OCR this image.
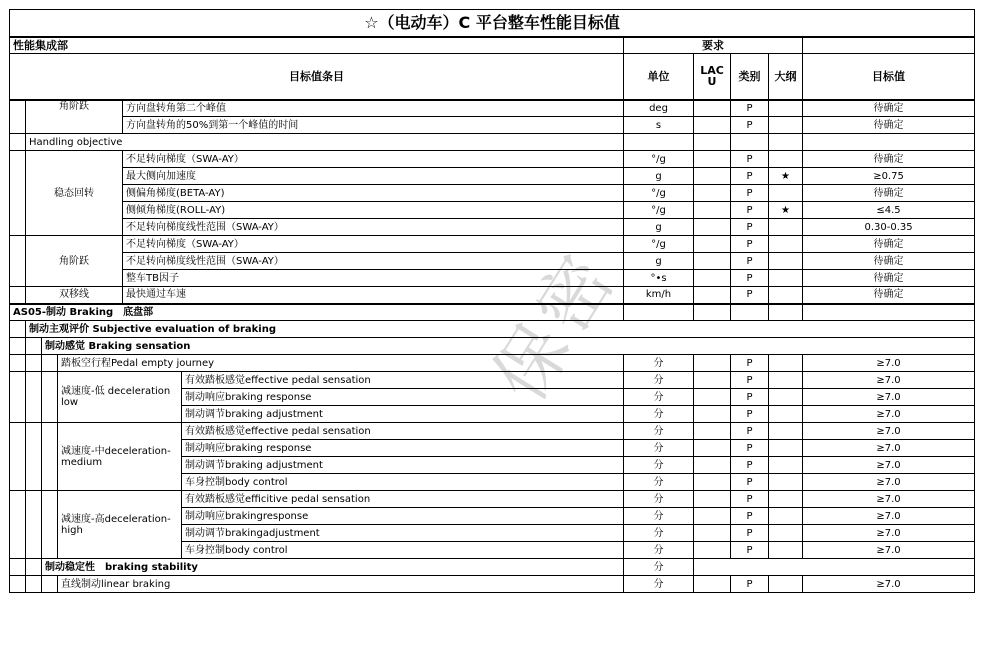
保密
☆（电动车）C 平台整车性能目标值										
性能集成部						要求				
目标值条目						单位	LAC U	类别	大纲	目标值
	角阶跃			方向盘转角第二个峰值		deg		P		待确定
				方向盘转角的50%到第一个峰值的时间		s		P		待确定
	Handling objective									
	稳态回转			不足转向梯度（SWA-AY）		°/g		P		待确定
				最大侧向加速度		g		P	★	≥0.75
				侧偏角梯度(BETA-AY)		°/g		P		待确定
				侧倾角梯度(ROLL-AY)		°/g		P	★	≤4.5
				不足转向梯度线性范围（SWA-AY）		g		P		0.30-0.35
	角阶跃			不足转向梯度（SWA-AY）		°/g		P		待确定
				不足转向梯度线性范围（SWA-AY）		g		P		待确定
				整车TB因子		°•s		P		待确定
	双移线			最快通过车速		km/h		P		待确定
AS05-制动 Braking　底盘部										
	制动主观评价 Subjective evaluation of braking									
		制动感觉 Braking sensation								
			踏板空行程Pedal empty journey			分		P		≥7.0
			减速度-低 deceleration low		有效踏板感觉effective pedal sensation	分		P		≥7.0
					制动响应braking response	分		P		≥7.0
					制动调节braking adjustment	分		P		≥7.0
			减速度-中deceleration-medium		有效踏板感觉effective pedal sensation	分		P		≥7.0
					制动响应braking response	分		P		≥7.0
					制动调节braking adjustment	分		P		≥7.0
					车身控制body control	分		P		≥7.0
			减速度-高deceleration-high		有效踏板感觉efficitive pedal sensation	分		P		≥7.0
					制动响应brakingresponse	分		P		≥7.0
					制动调节brakingadjustment	分		P		≥7.0
					车身控制body control	分		P		≥7.0
		制动稳定性　braking stability				分				
			直线制动linear braking			分		P		≥7.0
